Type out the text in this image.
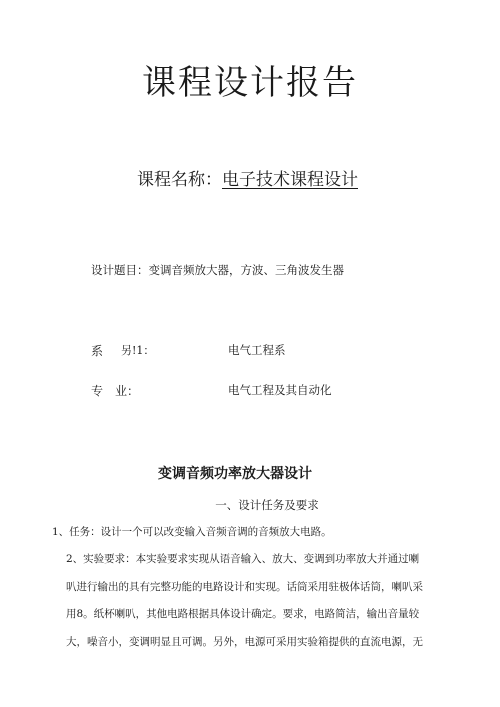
课程设计报告
课程名称：电子技术课程设计
设计题目：变调音频放大器，方波、三角波发生器
系 另!1：	电气工程系
专　业：	电气工程及其自动化
变调音频功率放大器设计
一、设计任务及要求
1、任务：设计一个可以改变输入音频音调的音频放大电路。
2、实验要求：本实验要求实现从语音输入、放大、变调到功率放大并通过喇
叭进行输出的具有完整功能的电路设计和实现。话筒采用驻极体话筒，喇叭采
用8。纸杯喇叭，其他电路根据具体设计确定。要求，电路简洁，输出音量较
大，噪音小，变调明显且可调。另外，电源可采用实验箱提供的直流电源，无
